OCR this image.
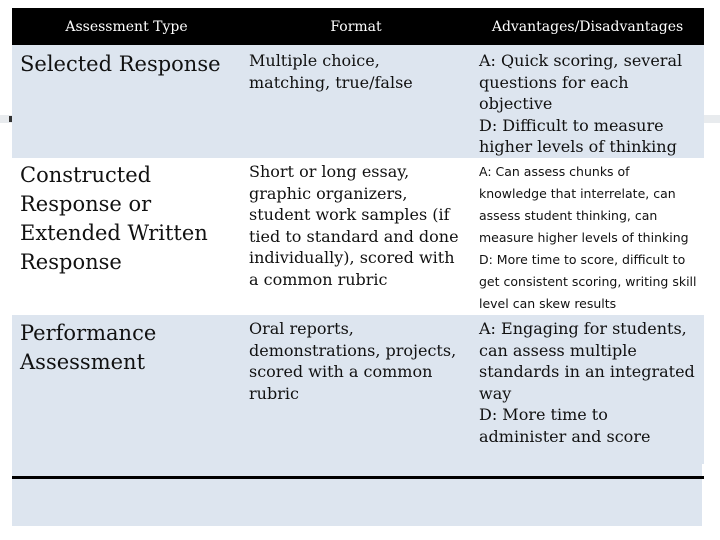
Assessment Type	Format	Advantages/Disadvantages
Selected Response	Multiple choice, matching, true/false	A: Quick scoring, several questions for each objective
D: Difficult to measure higher levels of thinking
Constructed Response or Extended Written Response	Short or long essay, graphic organizers, student work samples (if tied to standard and done individually), scored with a common rubric	A: Can assess chunks of knowledge that interrelate, can assess student thinking, can measure higher levels of thinking
D: More time to score, difficult to get consistent scoring, writing skill level can skew results
Performance Assessment	Oral reports, demonstrations, projects, scored with a common rubric	A: Engaging for students, can assess multiple standards in an integrated way
D: More time to administer and score
